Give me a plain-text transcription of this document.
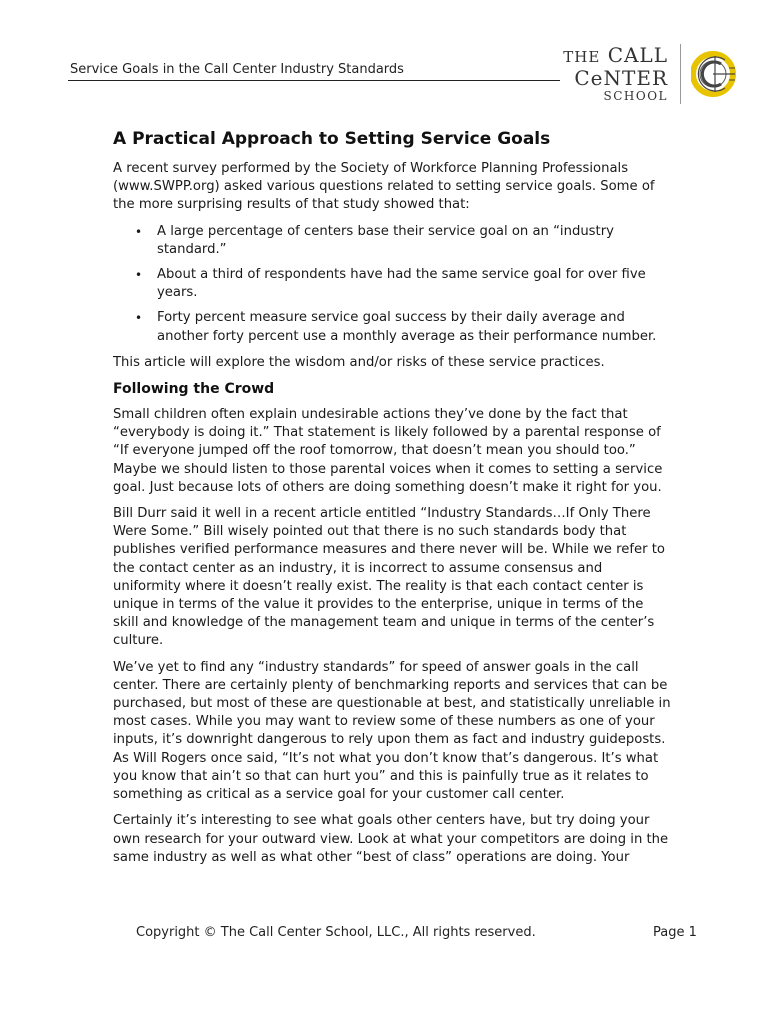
Service Goals in the Call Center Industry Standards
THE CALL
CeNTER
SCHOOL
A Practical Approach to Setting Service Goals

A recent survey performed by the Society of Workforce Planning Professionals (www.SWPP.org) asked various questions related to setting service goals. Some of the more surprising results of that study showed that:

• A large percentage of centers base their service goal on an “industry standard.”
• About a third of respondents have had the same service goal for over five years.
• Forty percent measure service goal success by their daily average and another forty percent use a monthly average as their performance number.

This article will explore the wisdom and/or risks of these service practices.

Following the Crowd

Small children often explain undesirable actions they’ve done by the fact that “everybody is doing it.” That statement is likely followed by a parental response of “If everyone jumped off the roof tomorrow, that doesn’t mean you should too.” Maybe we should listen to those parental voices when it comes to setting a service goal. Just because lots of others are doing something doesn’t make it right for you.

Bill Durr said it well in a recent article entitled “Industry Standards…If Only There Were Some.” Bill wisely pointed out that there is no such standards body that publishes verified performance measures and there never will be. While we refer to the contact center as an industry, it is incorrect to assume consensus and uniformity where it doesn’t really exist. The reality is that each contact center is unique in terms of the value it provides to the enterprise, unique in terms of the skill and knowledge of the management team and unique in terms of the center’s culture.

We’ve yet to find any “industry standards” for speed of answer goals in the call center. There are certainly plenty of benchmarking reports and services that can be purchased, but most of these are questionable at best, and statistically unreliable in most cases. While you may want to review some of these numbers as one of your inputs, it’s downright dangerous to rely upon them as fact and industry guideposts. As Will Rogers once said, “It’s not what you don’t know that’s dangerous. It’s what you know that ain’t so that can hurt you” and this is painfully true as it relates to something as critical as a service goal for your customer call center.

Certainly it’s interesting to see what goals other centers have, but try doing your own research for your outward view. Look at what your competitors are doing in the same industry as well as what other “best of class” operations are doing. Your

Copyright © The Call Center School, LLC., All rights reserved.	Page 1
